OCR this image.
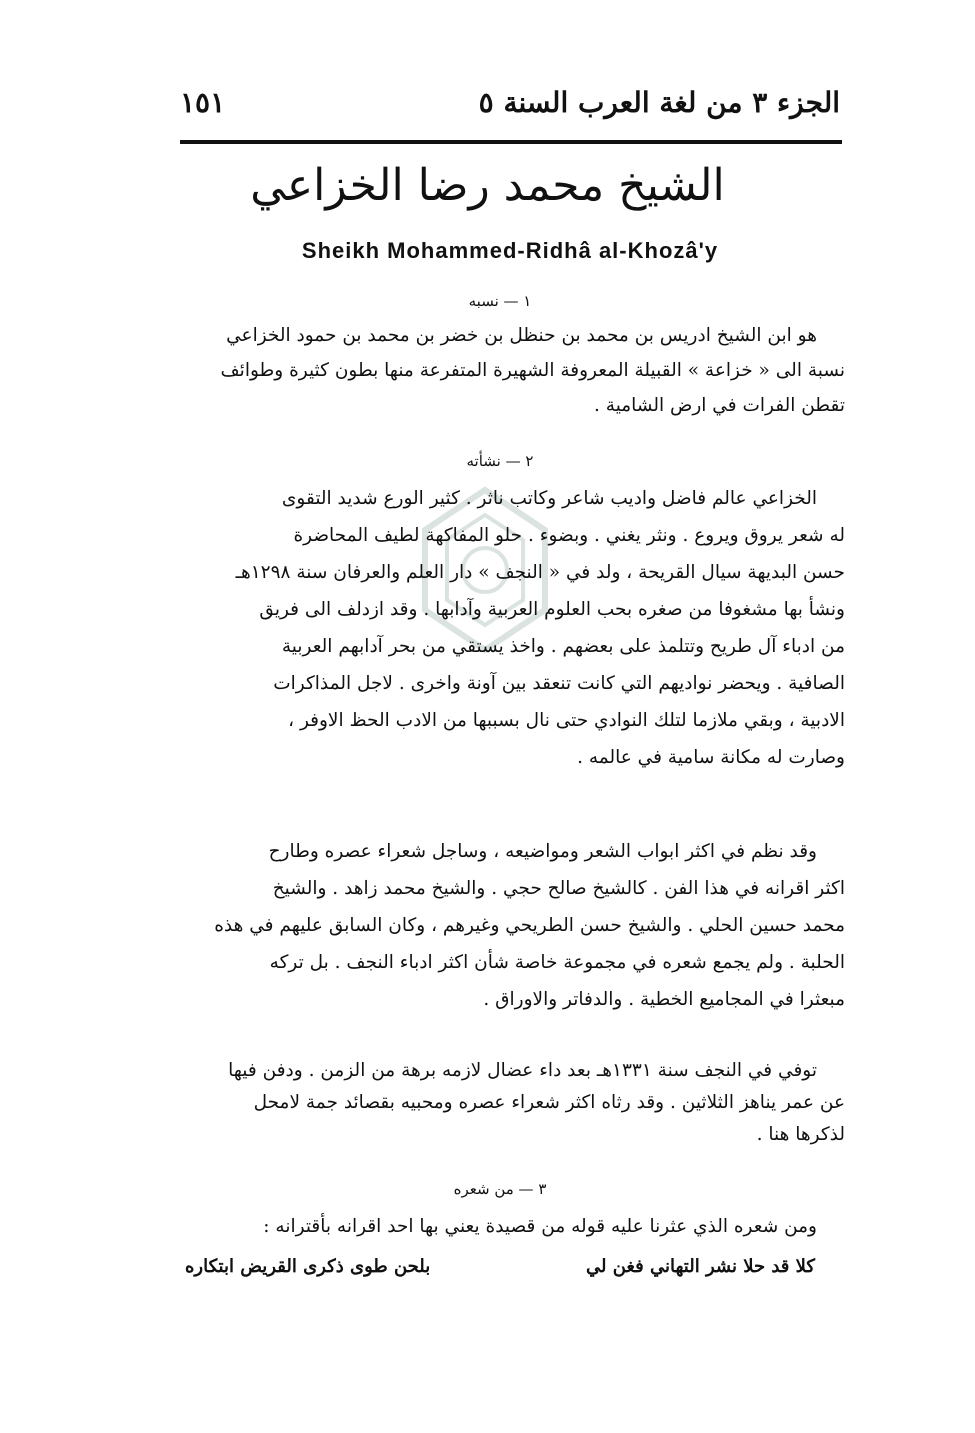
الجزء ٣ من لغة العرب السنة ٥
١٥١
الشيخ محمد رضا الخزاعي
Sheikh Mohammed-Ridhâ al-Khozâ'y
١ — نسبه
هو ابن الشيخ ادريس بن محمد بن حنظل بن خضر بن محمد بن حمود الخزاعي
نسبة الى « خزاعة » القبيلة المعروفة الشهيرة المتفرعة منها بطون كثيرة وطوائف
تقطن الفرات في ارض الشامية .
٢ — نشأته
الخزاعي عالم فاضل واديب شاعر وكاتب ناثر . كثير الورع شديد التقوى
له شعر يروق ويروع . ونثر يغني . وبضوء . حلو المفاكهة لطيف المحاضرة
حسن البديهة سيال القريحة ، ولد في « النجف » دار العلم والعرفان سنة ١٢٩٨هـ
ونشأ بها مشغوفا من صغره بحب العلوم العربية وآدابها . وقد ازدلف الى فريق
من ادباء آل طريح وتتلمذ على بعضهم . واخذ يستقي من بحر آدابهم العربية
الصافية . ويحضر نواديهم التي كانت تنعقد بين آونة واخرى . لاجل المذاكرات
الادبية ، وبقي ملازما لتلك النوادي حتى نال بسببها من الادب الحظ الاوفر ،
وصارت له مكانة سامية في عالمه .
وقد نظم في اكثر ابواب الشعر ومواضيعه ، وساجل شعراء عصره وطارح
اكثر اقرانه في هذا الفن . كالشيخ صالح حجي . والشيخ محمد زاهد . والشيخ
محمد حسين الحلي . والشيخ حسن الطريحي وغيرهم ، وكان السابق عليهم في هذه
الحلبة . ولم يجمع شعره في مجموعة خاصة شأن اكثر ادباء النجف . بل تركه
مبعثرا في المجاميع الخطية . والدفاتر والاوراق .
توفي في النجف سنة ١٣٣١هـ بعد داء عضال لازمه برهة من الزمن . ودفن فيها
عن عمر يناهز الثلاثين . وقد رثاه اكثر شعراء عصره ومحبيه بقصائد جمة لامحل
لذكرها هنا .
٣ — من شعره
ومن شعره الذي عثرنا عليه قوله من قصيدة يعني بها احد اقرانه بأقترانه :
كلا قد حلا نشر التهاني فغن لي
بلحن طوى ذكرى القريض ابتكاره
